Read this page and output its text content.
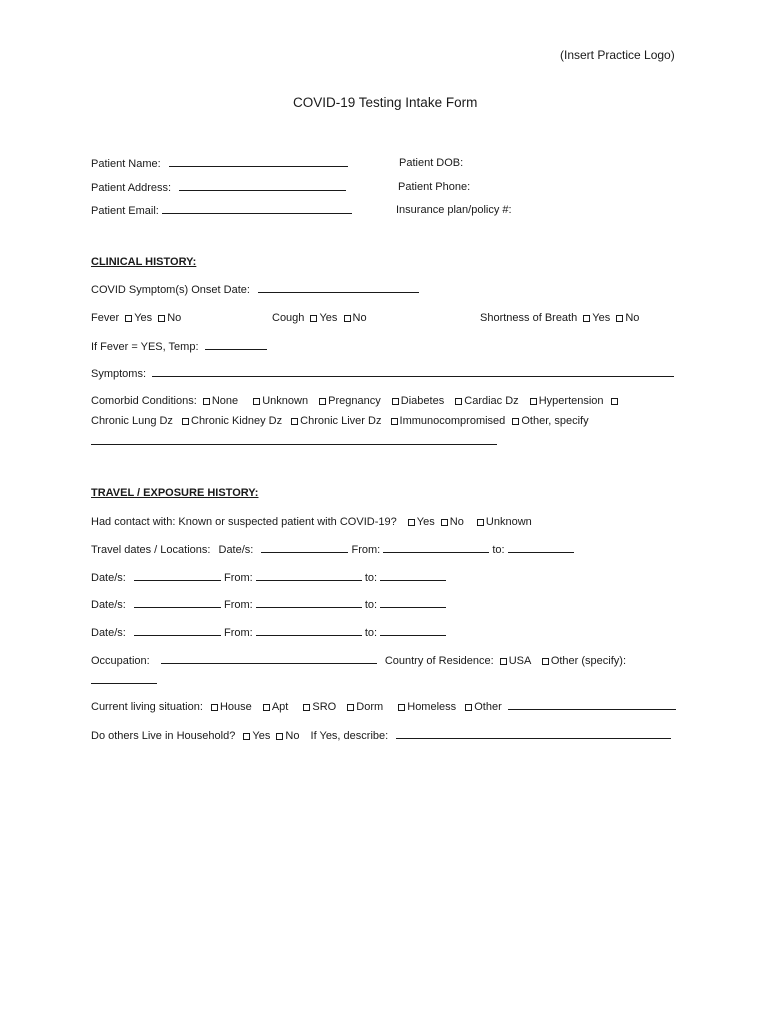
(Insert Practice Logo)
COVID-19 Testing Intake Form
Patient Name:	Patient DOB:
Patient Address:	Patient Phone:
Patient Email:	Insurance plan/policy #:
CLINICAL HISTORY:
COVID Symptom(s) Onset Date:
Fever Yes No	Cough Yes No	Shortness of Breath Yes No
If Fever = YES, Temp:
Symptoms:
Comorbid Conditions: None Unknown Pregnancy Diabetes Cardiac Dz Hypertension
Chronic Lung Dz Chronic Kidney Dz Chronic Liver Dz Immunocompromised Other, specify
TRAVEL / EXPOSURE HISTORY:
Had contact with: Known or suspected patient with COVID-19? Yes No Unknown
Travel dates / Locations: Date/s:	From:	to:
Date/s:	From:	to:
Date/s:	From:	to:
Date/s:	From:	to:
Occupation:	Country of Residence: USA Other (specify):
Current living situation: House Apt SRO Dorm Homeless Other
Do others Live in Household? Yes No If Yes, describe:
